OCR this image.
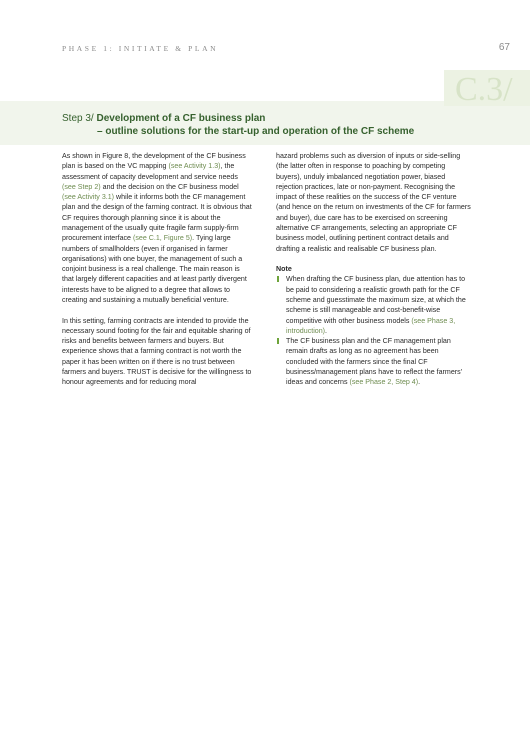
PHASE 1: INITIATE & PLAN	67
C.3/
Step 3/ Development of a CF business plan
– outline solutions for the start-up and operation of the CF scheme

As shown in Figure 8, the development of the CF business plan is based on the VC mapping (see Activity 1.3), the assessment of capacity development and service needs (see Step 2) and the decision on the CF business model (see Activity 3.1) while it informs both the CF management plan and the design of the farming contract. It is obvious that CF requires thorough planning since it is about the management of the usually quite fragile farm supply-firm procurement interface (see C.1, Figure 5). Tying large numbers of smallholders (even if organised in farmer organisations) with one buyer, the management of such a conjoint business is a real challenge. The main reason is that largely different capacities and at least partly divergent interests have to be aligned to a degree that allows to creating and sustaining a mutually beneficial venture.

In this setting, farming contracts are intended to provide the necessary sound footing for the fair and equitable sharing of risks and benefits between farmers and buyers. But experience shows that a farming contract is not worth the paper it has been written on if there is no trust between farmers and buyers. TRUST is decisive for the willingness to honour agreements and for reducing moral

hazard problems such as diversion of inputs or side-selling (the latter often in response to poaching by competing buyers), unduly imbalanced negotiation power, biased rejection practices, late or non-payment. Recognising the impact of these realities on the success of the CF venture (and hence on the return on investments of the CF for farmers and buyer), due care has to be exercised on screening alternative CF arrangements, selecting an appropriate CF business model, outlining pertinent contract details and drafting a realistic and realisable CF business plan.

Note
When drafting the CF business plan, due attention has to be paid to considering a realistic growth path for the CF scheme and guesstimate the maximum size, at which the scheme is still manageable and cost-benefit-wise competitive with other business models (see Phase 3, introduction).
The CF business plan and the CF management plan remain drafts as long as no agreement has been concluded with the farmers since the final CF business/management plans have to reflect the farmers' ideas and concerns (see Phase 2, Step 4).
